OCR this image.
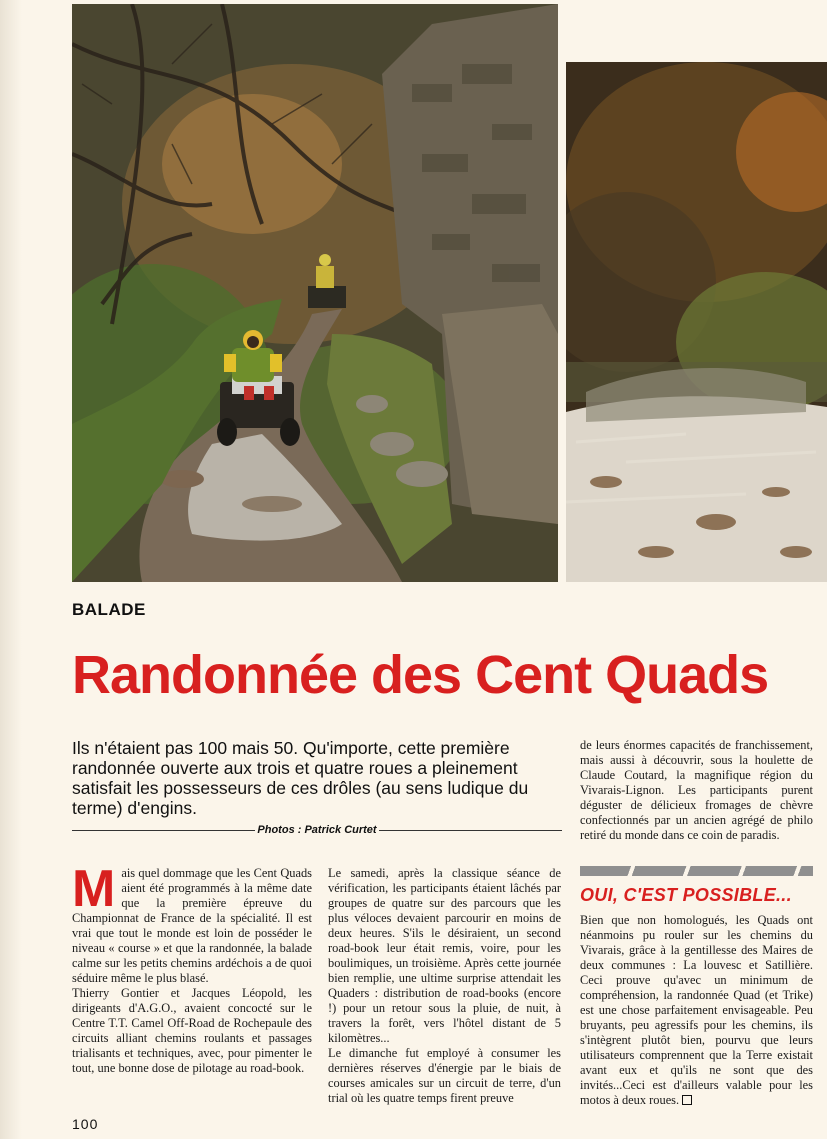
BALADE
Randonnée des Cent Quads
Ils n'étaient pas 100 mais 50. Qu'importe, cette première randonnée ouverte aux trois et quatre roues a pleinement satisfait les possesseurs de ces drôles (au sens ludique du terme) d'engins.
Photos : Patrick Curtet

Mais quel dommage que les Cent Quads aient été programmés à la même date que la première épreuve du Championnat de France de la spécialité. Il est vrai que tout le monde est loin de posséder le niveau « course » et que la randonnée, la balade calme sur les petits chemins ardéchois a de quoi séduire même le plus blasé.

Thierry Gontier et Jacques Léopold, les dirigeants d'A.G.O., avaient concocté sur le Centre T.T. Camel Off-Road de Rochepaule des circuits alliant chemins roulants et passages trialisants et techniques, avec, pour pimenter le tout, une bonne dose de pilotage au road-book.

Le samedi, après la classique séance de vérification, les participants étaient lâchés par groupes de quatre sur des parcours que les plus véloces devaient parcourir en moins de deux heures. S'ils le désiraient, un second road-book leur était remis, voire, pour les boulimiques, un troisième. Après cette journée bien remplie, une ultime surprise attendait les Quaders : distribution de road-books (encore !) pour un retour sous la pluie, de nuit, à travers la forêt, vers l'hôtel distant de 5 kilomètres...

Le dimanche fut employé à consumer les dernières réserves d'énergie par le biais de courses amicales sur un circuit de terre, d'un trial où les quatre temps firent preuve

de leurs énormes capacités de franchissement, mais aussi à découvrir, sous la houlette de Claude Coutard, la magnifique région du Vivarais-Lignon. Les participants purent déguster de délicieux fromages de chèvre confectionnés par un ancien agrégé de philo retiré du monde dans ce coin de paradis.

OUI, C'EST POSSIBLE...

Bien que non homologués, les Quads ont néanmoins pu rouler sur les chemins du Vivarais, grâce à la gentillesse des Maires de deux communes : La louvesc et Satillière. Ceci prouve qu'avec un minimum de compréhension, la randonnée Quad (et Trike) est une chose parfaitement envisageable. Peu bruyants, peu agressifs pour les chemins, ils s'intègrent plutôt bien, pourvu que leurs utilisateurs comprennent que la Terre existait avant eux et qu'ils ne sont que des invités...Ceci est d'ailleurs valable pour les motos à deux roues.

100
